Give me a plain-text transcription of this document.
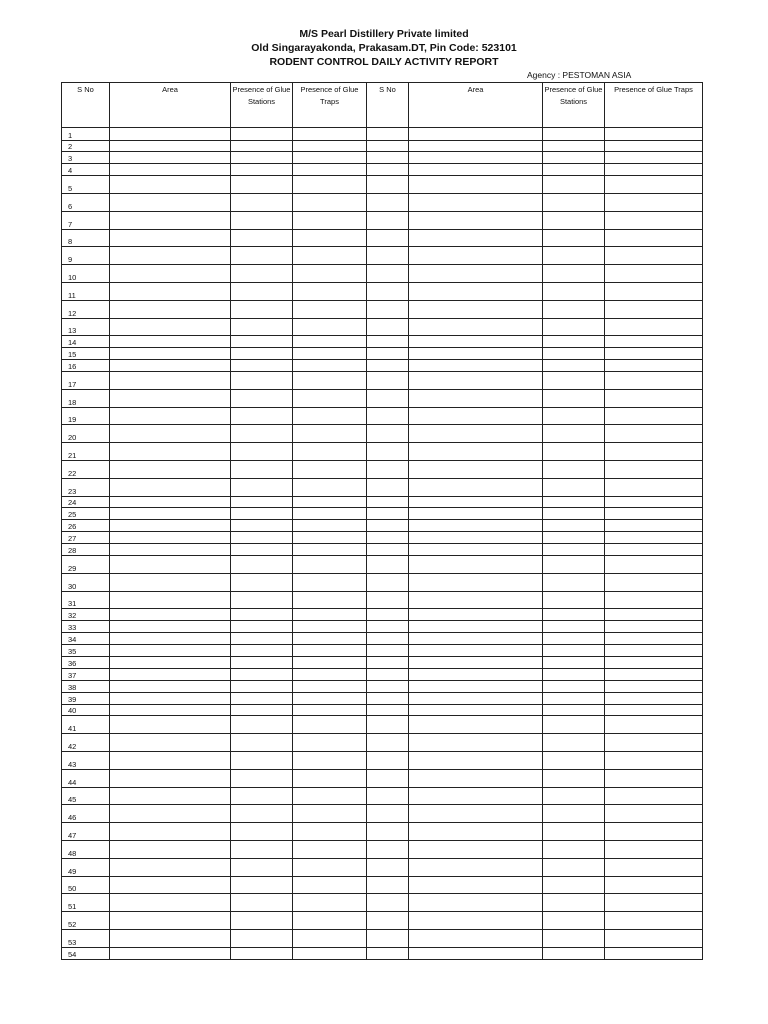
M/S Pearl Distillery Private limited
Old Singarayakonda, Prakasam.DT, Pin Code: 523101
RODENT CONTROL DAILY ACTIVITY REPORT
Agency : PESTOMAN ASIA
S No	Area	Presence of Glue Stations	Presence of Glue Traps	S No	Area	Presence of Glue Stations	Presence of Glue Traps
1							
2							
3							
4							
5							
6							
7							
8							
9							
10							
11							
12							
13							
14							
15							
16							
17							
18							
19							
20							
21							
22							
23							
24							
25							
26							
27							
28							
29							
30							
31							
32							
33							
34							
35							
36							
37							
38							
39							
40							
41							
42							
43							
44							
45							
46							
47							
48							
49							
50							
51							
52							
53							
54							
